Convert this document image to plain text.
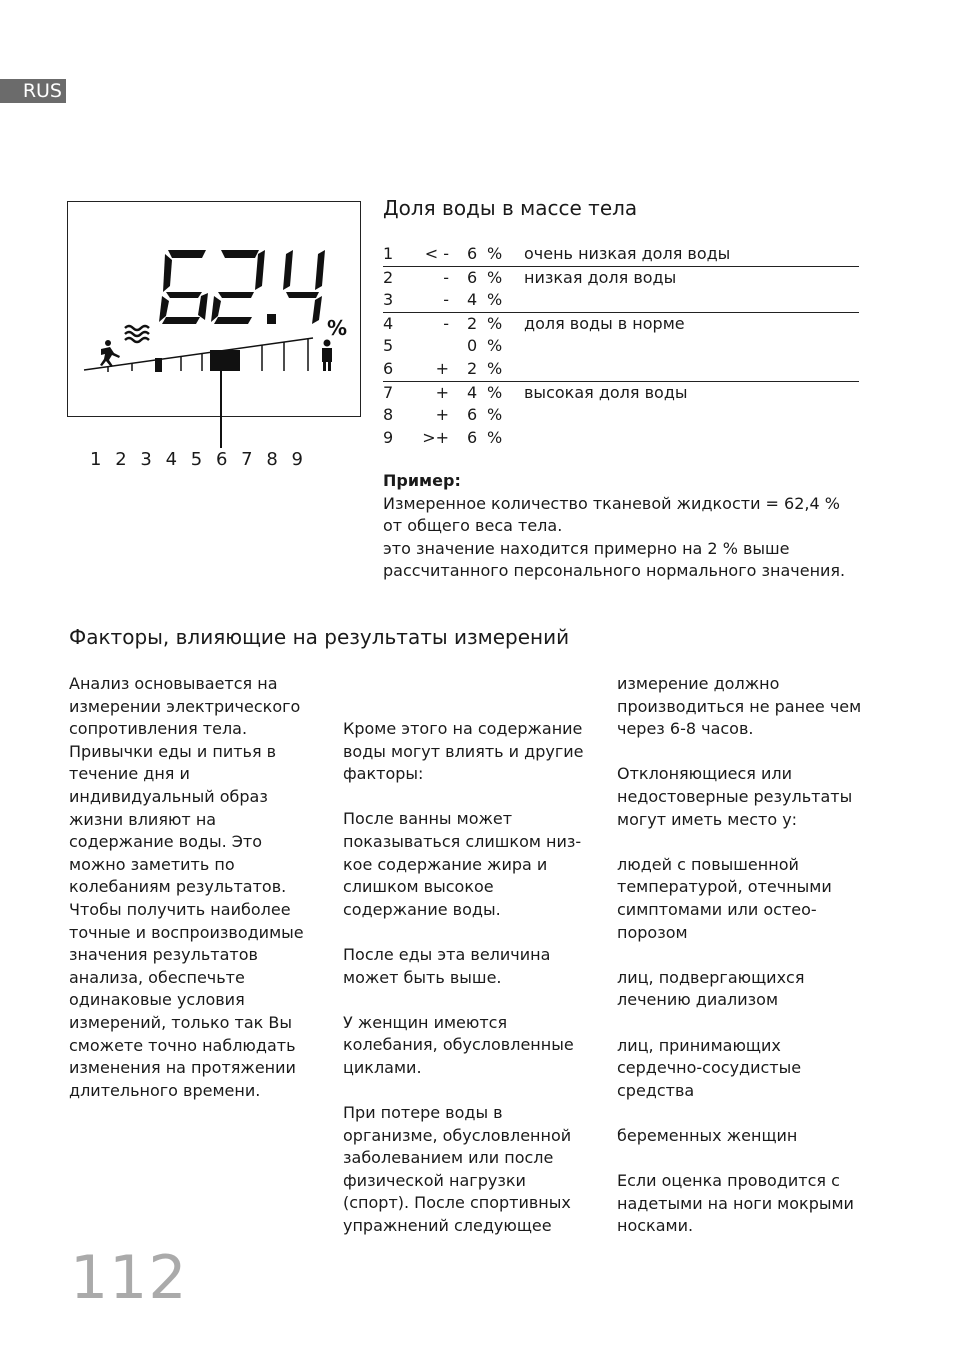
RUS
%
1 2 3 4 5 6 7 8 9
Доля воды в массе тела
1 < - 6 % очень низкая доля воды
2	- 6 % низкая доля воды
3	- 4 %
4	- 2 % доля воды в норме
5	0 %
6	+ 2 %
7	+ 4 % высокая доля воды
8	+ 6 %
9 >+ 6 %
Пример:

Измеренное количество тканевой жидкости = 62,4 %

от общего веса тела.

это значение находится примерно на 2 % выше

рассчитанного персонального нормального значения.

Факторы, влияющие на результаты измерений

Анализ основывается на измерении электрического сопротивления тела. Привычки еды и питья в течение дня и индивидуальный образ жизни влияют на содержание воды. Это можно заметить по колебаниям результатов. Чтобы получить наиболее точные и воспроизводимые значения результатов анализа, обеспечьте одинаковые условия измерений, только так Вы сможете точно наблюдать изменения на протяжении длительного времени.

Кроме этого на содержание воды могут влиять и другие факторы:

После ванны может показываться слишком низ-кое содержание жира и слишком высокое содержание воды.

После еды эта величина может быть выше.

У женщин имеются колебания, обусловленные циклами.

При потере воды в организме, обусловленной заболеванием или после физической нагрузки (спорт). После спортивных упражнений следующее

измерение должно производиться не ранее чем через 6-8 часов.

Отклоняющиеся или недостоверные результаты могут иметь место у:

людей с повышенной температурой, отечными симптомами или остео-порозом

лиц, подвергающихся лечению диализом

лиц, принимающих сердечно-сосудистые средства

беременных женщин

Если оценка проводится с надетыми на ноги мокрыми носками.

112
